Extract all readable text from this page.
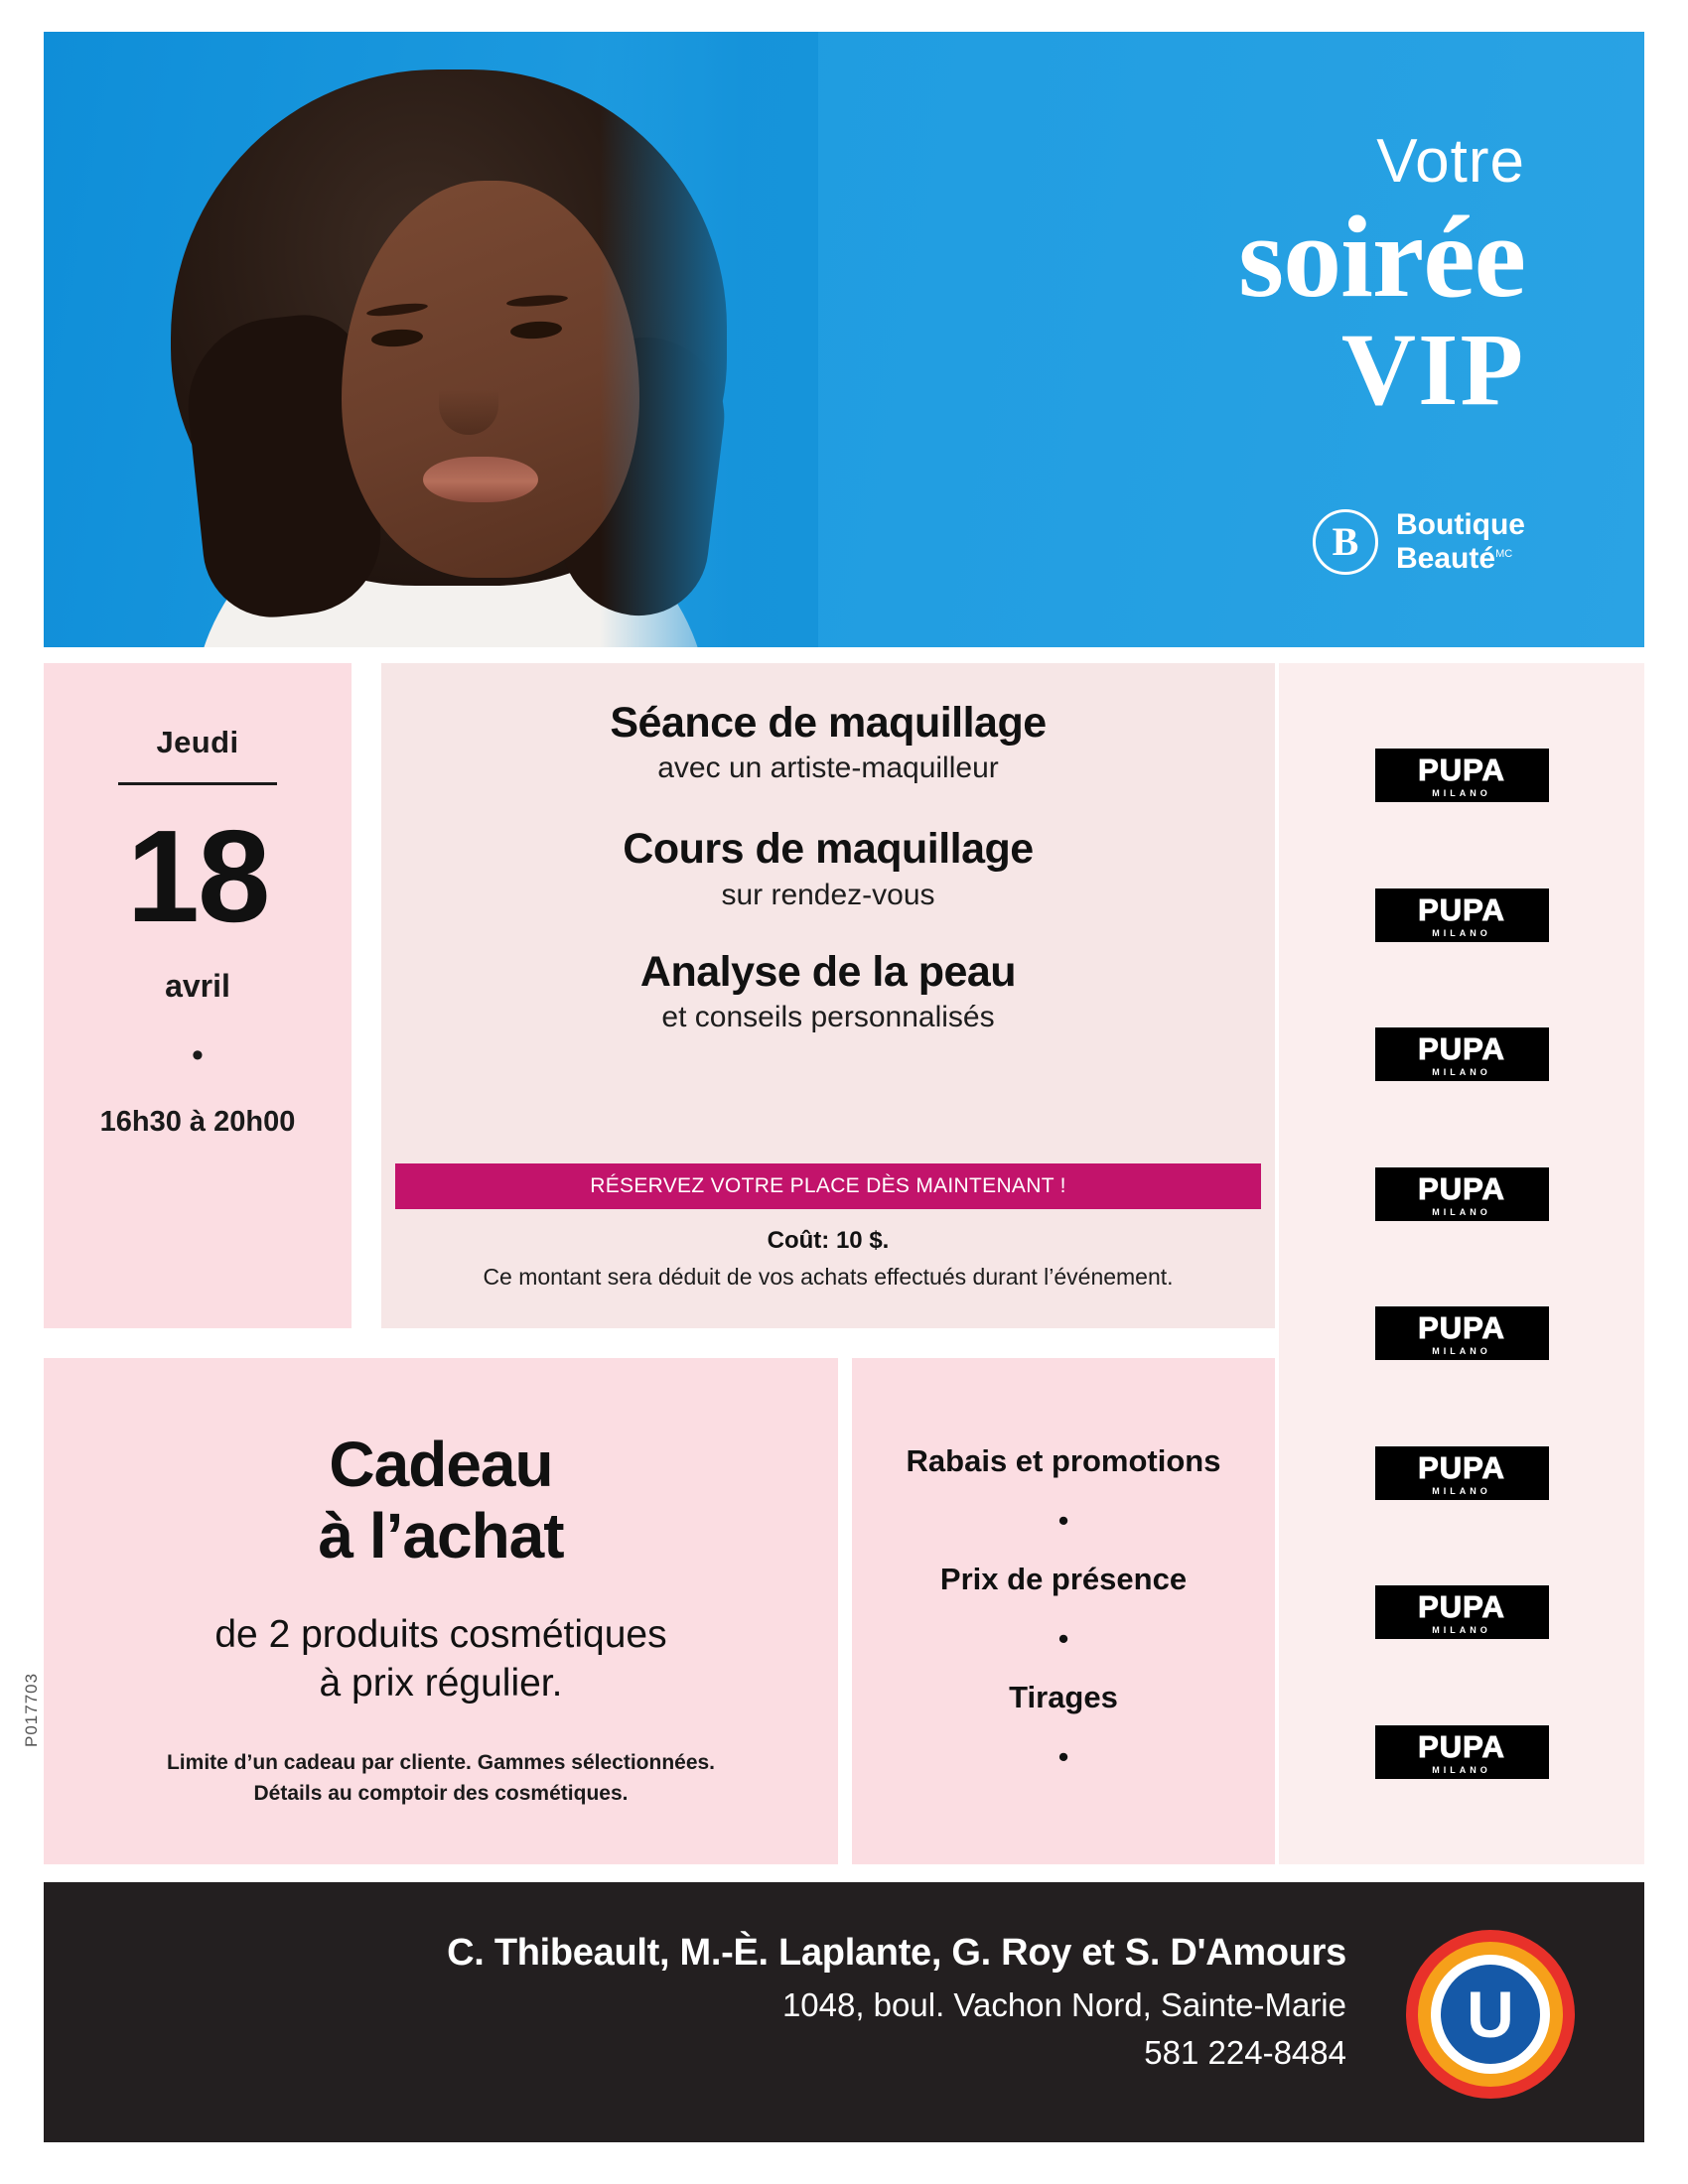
Votre
soirée
VIP
B	Boutique
Beauté$^{MC}$
Jeudi
18
avril
•
16h30 à 20h00
Séance de maquillage
avec un artiste-maquilleur
Cours de maquillage
sur rendez-vous
Analyse de la peau
et conseils personnalisés
RÉSERVEZ VOTRE PLACE DÈS MAINTENANT !
Coût: 10 $.
Ce montant sera déduit de vos achats effectués durant l’événement.
Cadeau
à l’achat
de 2 produits cosmétiques
à prix régulier.
Limite d’un cadeau par cliente. Gammes sélectionnées.
Détails au comptoir des cosmétiques.
Rabais et promotions
•
Prix de présence
•
Tirages
•
PUPA
MILANO
PUPA
MILANO
PUPA
MILANO
PUPA
MILANO
PUPA
MILANO
PUPA
MILANO
PUPA
MILANO
PUPA
MILANO
P017703
C. Thibeault, M.-È. Laplante, G. Roy et S. D'Amours
1048, boul. Vachon Nord, Sainte-Marie
581 224-8484
U
